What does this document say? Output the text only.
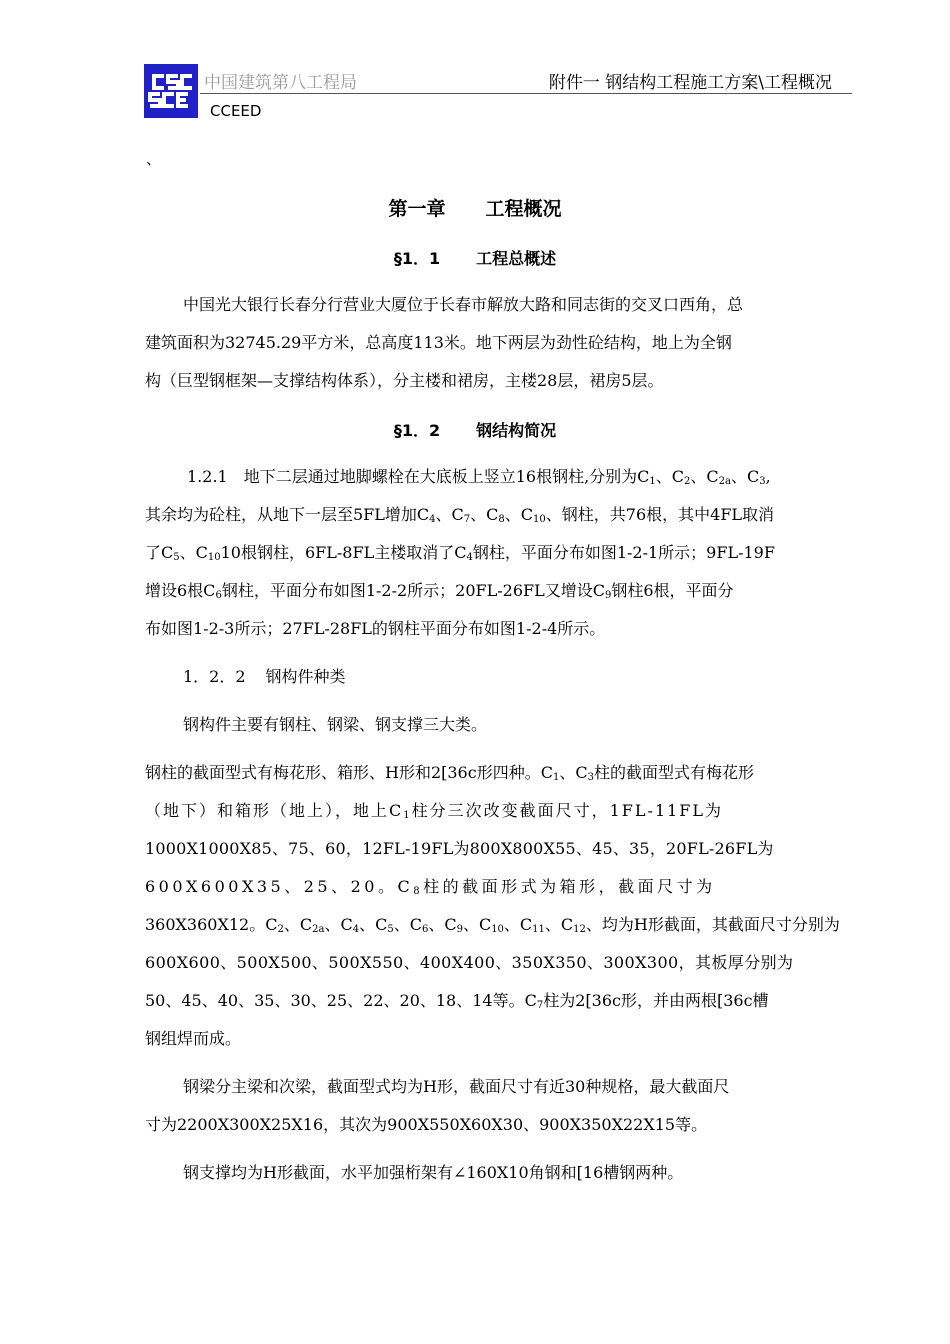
中国建筑第八工程局	附件一 钢结构工程施工方案\工程概况
CCEED
、
第一章 工程概况
§1．1 工程总概述
中国光大银行长春分行营业大厦位于长春市解放大路和同志街的交叉口西角，总
建筑面积为32745.29平方米，总高度113米。地下两层为劲性砼结构，地上为全钢
构（巨型钢框架—支撑结构体系），分主楼和裙房，主楼28层，裙房5层。
§1．2 钢结构简况
1.2.1　地下二层通过地脚螺栓在大底板上竖立16根钢柱,分别为$C_1$、$C_2$、$C_{2a}$、$C_3$,
其余均为砼柱，从地下一层至5FL增加$C_4$、$C_7$、$C_8$、$C_{10}$、钢柱，共76根，其中4FL取消
了$C_5$、$C_{10}10$根钢柱，6FL-8FL主楼取消了$C_4$钢柱，平面分布如图1-2-1所示；9FL-19F
增设6根$C_6$钢柱，平面分布如图1-2-2所示；20FL-26FL又增设$C_9$钢柱6根，平面分
布如图1-2-3所示；27FL-28FL的钢柱平面分布如图1-2-4所示。
1．2．2 钢构件种类
钢构件主要有钢柱、钢梁、钢支撑三大类。
钢柱的截面型式有梅花形、箱形、H形和2[36c形四种。$C_1$、$C_3$柱的截面型式有梅花形
（地下）和箱形（地上），地上$C_1$柱分三次改变截面尺寸，1FL-11FL为
1000X1000X85、75、60，12FL-19FL为800X800X55、45、35，20FL-26FL为
600X600X35、25、20。$C_8$柱的截面形式为箱形，截面尺寸为
360X360X12。$C_2$、$C_{2a}$、$C_4$、$C_5$、$C_6$、$C_9$、$C_{10}$、$C_{11}$、$C_{12}$、均为H形截面，其截面尺寸分别为
600X600、500X500、500X550、400X400、350X350、300X300，其板厚分别为
50、45、40、35、30、25、22、20、18、14等。$C_7$柱为2[36c形，并由两根[36c槽
钢组焊而成。
钢梁分主梁和次梁，截面型式均为H形，截面尺寸有近30种规格，最大截面尺
寸为2200X300X25X16，其次为900X550X60X30、900X350X22X15等。
钢支撑均为H形截面，水平加强桁架有∠160X10角钢和[16槽钢两种。
